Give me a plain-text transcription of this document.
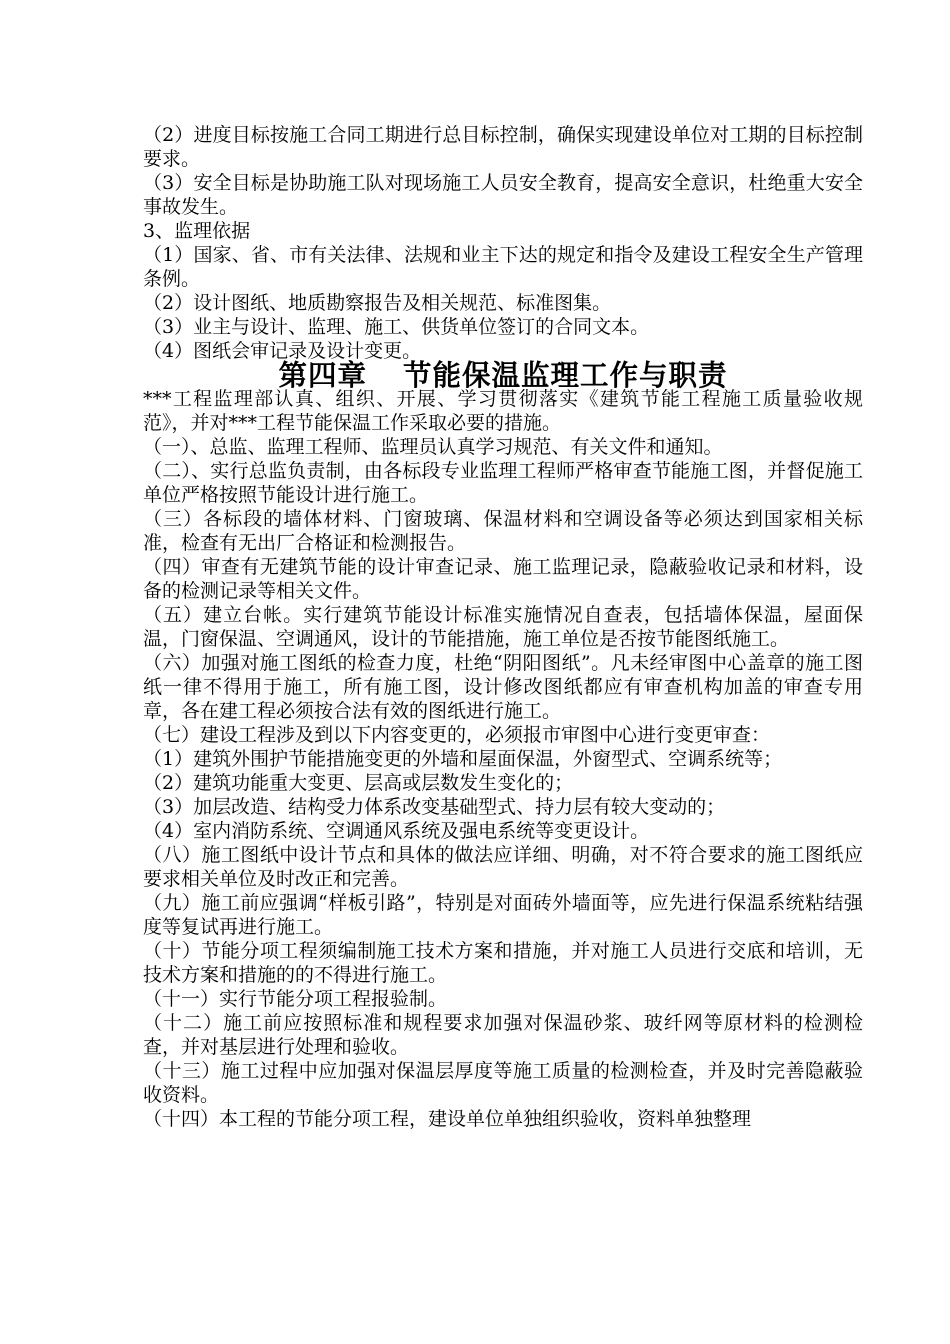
（2）进度目标按施工合同工期进行总目标控制，确保实现建设单位对工期的目标控制要求。

（3）安全目标是协助施工队对现场施工人员安全教育，提高安全意识，杜绝重大安全事故发生。

3、监理依据

（1）国家、省、市有关法律、法规和业主下达的规定和指令及建设工程安全生产管理条例。

（2）设计图纸、地质勘察报告及相关规范、标准图集。

（3）业主与设计、监理、施工、供货单位签订的合同文本。

（4）图纸会审记录及设计变更。

第四章 节能保温监理工作与职责

***工程监理部认真、组织、开展、学习贯彻落实《建筑节能工程施工质量验收规范》，并对***工程节能保温工作采取必要的措施。

（一）、总监、监理工程师、监理员认真学习规范、有关文件和通知。

（二）、实行总监负责制，由各标段专业监理工程师严格审查节能施工图，并督促施工单位严格按照节能设计进行施工。

（三）各标段的墙体材料、门窗玻璃、保温材料和空调设备等必须达到国家相关标准，检查有无出厂合格证和检测报告。

（四）审查有无建筑节能的设计审查记录、施工监理记录，隐蔽验收记录和材料，设备的检测记录等相关文件。

（五）建立台帐。实行建筑节能设计标准实施情况自查表，包括墙体保温，屋面保温，门窗保温、空调通风，设计的节能措施，施工单位是否按节能图纸施工。

（六）加强对施工图纸的检查力度，杜绝“阴阳图纸”。凡未经审图中心盖章的施工图纸一律不得用于施工，所有施工图，设计修改图纸都应有审查机构加盖的审查专用章，各在建工程必须按合法有效的图纸进行施工。

（七）建设工程涉及到以下内容变更的，必须报市审图中心进行变更审查：

（1）建筑外围护节能措施变更的外墙和屋面保温，外窗型式、空调系统等；

（2）建筑功能重大变更、层高或层数发生变化的；

（3）加层改造、结构受力体系改变基础型式、持力层有较大变动的；

（4）室内消防系统、空调通风系统及强电系统等变更设计。

（八）施工图纸中设计节点和具体的做法应详细、明确，对不符合要求的施工图纸应要求相关单位及时改正和完善。

（九）施工前应强调“样板引路”，特别是对面砖外墙面等，应先进行保温系统粘结强度等复试再进行施工。

（十）节能分项工程须编制施工技术方案和措施，并对施工人员进行交底和培训，无技术方案和措施的的不得进行施工。

（十一）实行节能分项工程报验制。

（十二）施工前应按照标准和规程要求加强对保温砂浆、玻纤网等原材料的检测检查，并对基层进行处理和验收。

（十三）施工过程中应加强对保温层厚度等施工质量的检测检查，并及时完善隐蔽验收资料。

（十四）本工程的节能分项工程，建设单位单独组织验收，资料单独整理
